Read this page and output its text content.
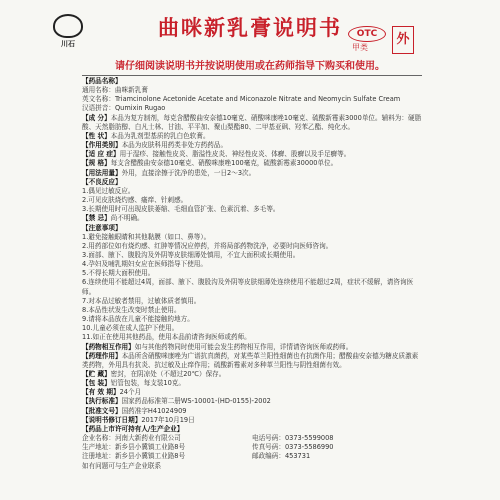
川石
曲咪新乳膏说明书	OTC
甲类
外
请仔细阅读说明书并按说明使用或在药师指导下购买和使用。
【药品名称】
通用名称：曲咪新乳膏
英文名称：Triamcinolone Acetonide Acetate and Miconazole Nitrate and Neomycin Sulfate Cream
汉语拼音：Qumixin Rugao
【成 分】本品为复方制剂，每克含醋酸曲安奈德10毫克、硝酸咪康唑10毫克、硫酸新霉素3000单位。辅料为：硬脂酸、天然脂肪醇、白凡士林、甘油、平平加、聚山梨酯80、二甲基亚砜、羟苯乙酯、纯化水。
【性 状】本品为乳剂型基质的乳白色软膏。
【作用类别】本品为皮肤科用药类非处方药药品。
【适 应 症】用于湿疹、接触性皮炎、脂溢性皮炎、神经性皮炎、体癣、股癣以及手足癣等。
【规 格】每支含醋酸曲安奈德10毫克、硝酸咪康唑100毫克，硫酸新霉素30000单位。
【用法用量】外用，直接涂擦于洗净的患处，一日2～3次。
【不良反应】
1.偶见过敏反应。
2.可见皮肤烧灼感、瘙痒、针刺感。
3.长期使用时可出现皮肤萎缩、毛细血管扩张、色素沉着、多毛等。
【禁 忌】尚不明确。
【注意事项】
1.避免接触眼睛和其他黏膜（如口、鼻等）。
2.用药部位如有烧灼感、红肿等情况应停药，并将局部药物洗净，必要时向医师咨询。
3.面部、腋下、腹股沟及外阴等皮肤细薄处慎用，不宜大面积或长期使用。
4.孕妇及哺乳期妇女应在医师指导下使用。
5.不得长期大面积使用。
6.连续使用不能超过4周，面部、腋下、腹股沟及外阴等皮肤细薄处连续使用不能超过2周，症状不缓解，请咨询医师。
7.对本品过敏者禁用，过敏体质者慎用。
8.本品性状发生改变时禁止使用。
9.请将本品放在儿童不能接触的地方。
10.儿童必须在成人监护下使用。
11.如正在使用其他药品，使用本品前请咨询医师或药师。
【药物相互作用】如与其他药物同时使用可能会发生药物相互作用，详情请咨询医师或药师。
【药理作用】本品所含硝酸咪康唑为广谱抗真菌药，对某些革兰阳性细菌也有抗菌作用；醋酸曲安奈德为糖皮质激素类药物，外用具有抗炎、抗过敏及止痒作用；硫酸新霉素对多种革兰阳性与阴性细菌有效。
【贮 藏】密封，在阴凉处（不超过20℃）保存。
【包 装】铝管包装，每支装10克。
【有 效 期】24个月
【执行标准】国家药品标准第二册WS-10001-(HD-0155)-2002
【批准文号】国药准字H41024909
【说明书修订日期】2017年10月19日
【药品上市许可持有人/生产企业】
企业名称：河南大新药业有限公司	电话号码：0373-5599008
生产地址：新乡县小冀镇工业路8号	传真号码：0373-5586990
注册地址：新乡县小冀镇工业路8号	邮政编码：453731
如有问题可与生产企业联系
